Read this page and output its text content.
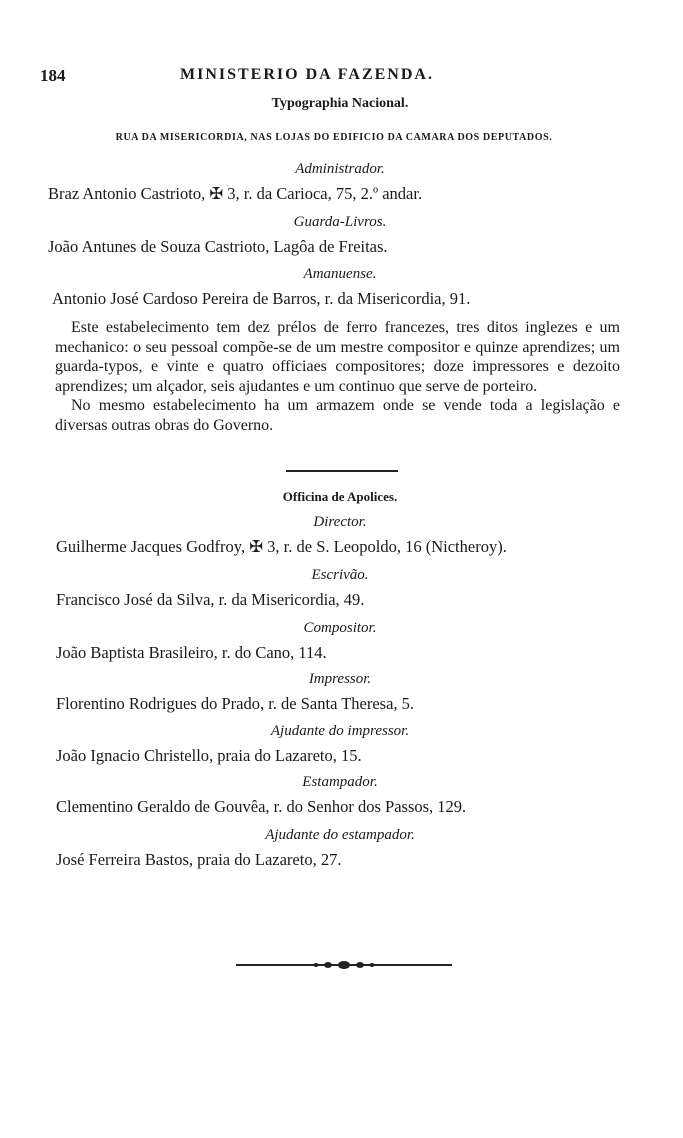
184	MINISTERIO DA FAZENDA.
Typographia Nacional.
RUA DA MISERICORDIA, NAS LOJAS DO EDIFICIO DA CAMARA DOS DEPUTADOS.
Administrador.
Braz Antonio Castrioto, ✠ 3, r. da Carioca, 75, 2.º andar.
Guarda-Livros.
João Antunes de Souza Castrioto, Lagôa de Freitas.
Amanuense.
Antonio José Cardoso Pereira de Barros, r. da Misericordia, 91.

Este estabelecimento tem dez prélos de ferro francezes, tres ditos inglezes e um mechanico: o seu pessoal compõe-se de um mestre compositor e quinze aprendizes; um guarda-typos, e vinte e quatro officiaes compositores; doze impressores e dezoito aprendizes; um alçador, seis ajudantes e um continuo que serve de porteiro.

No mesmo estabelecimento ha um armazem onde se vende toda a legislação e diversas outras obras do Governo.

Officina de Apolices.
Director.
Guilherme Jacques Godfroy, ✠ 3, r. de S. Leopoldo, 16 (Nictheroy).
Escrivão.
Francisco José da Silva, r. da Misericordia, 49.
Compositor.
João Baptista Brasileiro, r. do Cano, 114.
Impressor.
Florentino Rodrigues do Prado, r. de Santa Theresa, 5.
Ajudante do impressor.
João Ignacio Christello, praia do Lazareto, 15.
Estampador.
Clementino Geraldo de Gouvêa, r. do Senhor dos Passos, 129.
Ajudante do estampador.
José Ferreira Bastos, praia do Lazareto, 27.
